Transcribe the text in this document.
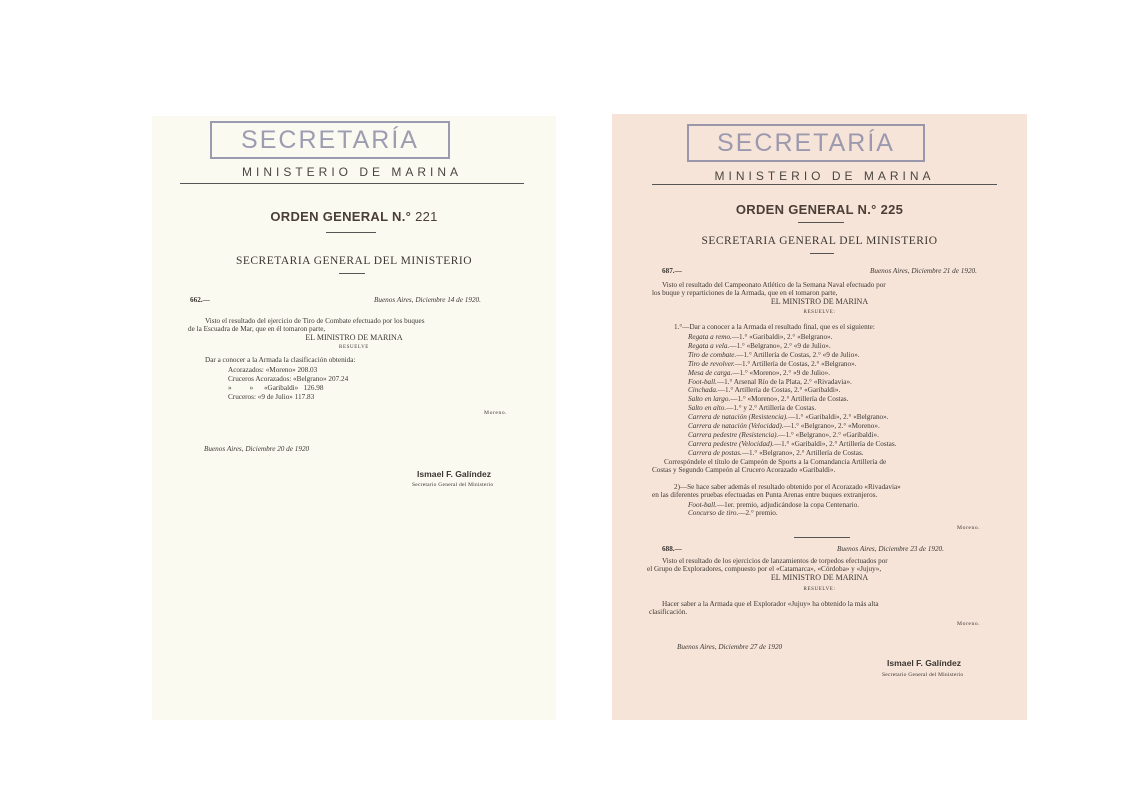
SECRETARÍA
MINISTERIO DE MARINA
ORDEN GENERAL N.° 221
SECRETARIA GENERAL DEL MINISTERIO
662.—	Buenos Aires, Diciembre 14 de 1920.
Visto el resultado del ejercicio de Tiro de Combate efectuado por los buques
de la Escuadra de Mar, que en él tomaron parte,
EL MINISTRO DE MARINA
RESUELVE
Dar a conocer a la Armada la clasificación obtenida:
Acorazados: «Moreno» 208.03
Cruceros Acorazados: «Belgrano» 207.24
»          »      «Garibaldi»   126.98
Cruceros: «9 de Julio» 117.83
Moreno.
Buenos Aires, Diciembre 20 de 1920
Ismael F. Galíndez
Secretario General del Ministerio
SECRETARÍA
MINISTERIO DE MARINA
ORDEN GENERAL N.° 225
SECRETARIA GENERAL DEL MINISTERIO
687.—	Buenos Aires, Diciembre 21 de 1920.
Visto el resultado del Campeonato Atlético de la Semana Naval efectuado por
los buque y reparticiones de la Armada, que en el tomaron parte,
EL MINISTRO DE MARINA
RESUELVE:
1.°—Dar a conocer a la Armada el resultado final, que es el siguiente:
Regata a remo.—1.° «Garibaldi», 2.° «Belgrano».
Regata a vela.—1.° «Belgrano», 2.° «9 de Julio».
Tiro de combate.—1.° Artillería de Costas, 2.° «9 de Julio».
Tiro de revolver.—1.° Artillería de Costas, 2.° «Belgrano».
Mesa de carga.—1.° «Moreno», 2.° «9 de Julio».
Foot-ball.—1.° Arsenal Río de la Plata, 2.° «Rivadavia».
Cinchada.—1.° Artillería de Costas, 2.° «Garibaldi».
Salto en largo.—1.° «Moreno», 2.° Artillería de Costas.
Salto en alto.—1.° y 2.° Artillería de Costas.
Carrera de natación (Resistencia).—1.° «Garibaldi», 2.° «Belgrano».
Carrera de natación (Velocidad).—1.° «Belgrano», 2.° «Moreno».
Carrera pedestre (Resistencia).—1.° «Belgrano», 2.° «Garibaldi».
Carrera pedestre (Velocidad).—1.° «Garibaldi», 2.° Artillería de Costas.
Carrera de postas.—1.° «Belgrano», 2.° Artillería de Costas.
Correspóndele el título de Campeón de Sports a la Comandancia Artillería de
Costas y Segundo Campeón al Crucero Acorazado «Garibaldi».
2)—Se hace saber además el resultado obtenido por el Acorazado «Rivadavia»
en las diferentes pruebas efectuadas en Punta Arenas entre buques extranjeros.
Foot-ball.—1er. premio, adjudicándose la copa Centenario.
Concurso de tiro.—2.° premio.
Moreno.
688.—	Buenos Aires, Diciembre 23 de 1920.
Visto el resultado de los ejercicios de lanzamientos de torpedos efectuados por
el Grupo de Exploradores, compuesto por el «Catamarca», «Córdoba» y «Jujuy»,
EL MINISTRO DE MARINA
RESUELVE:
Hacer saber a la Armada que el Explorador «Jujuy» ha obtenido la más alta
clasificación.
Moreno.
Buenos Aires, Diciembre 27 de 1920
Ismael F. Galíndez
Secretario General del Ministerio
